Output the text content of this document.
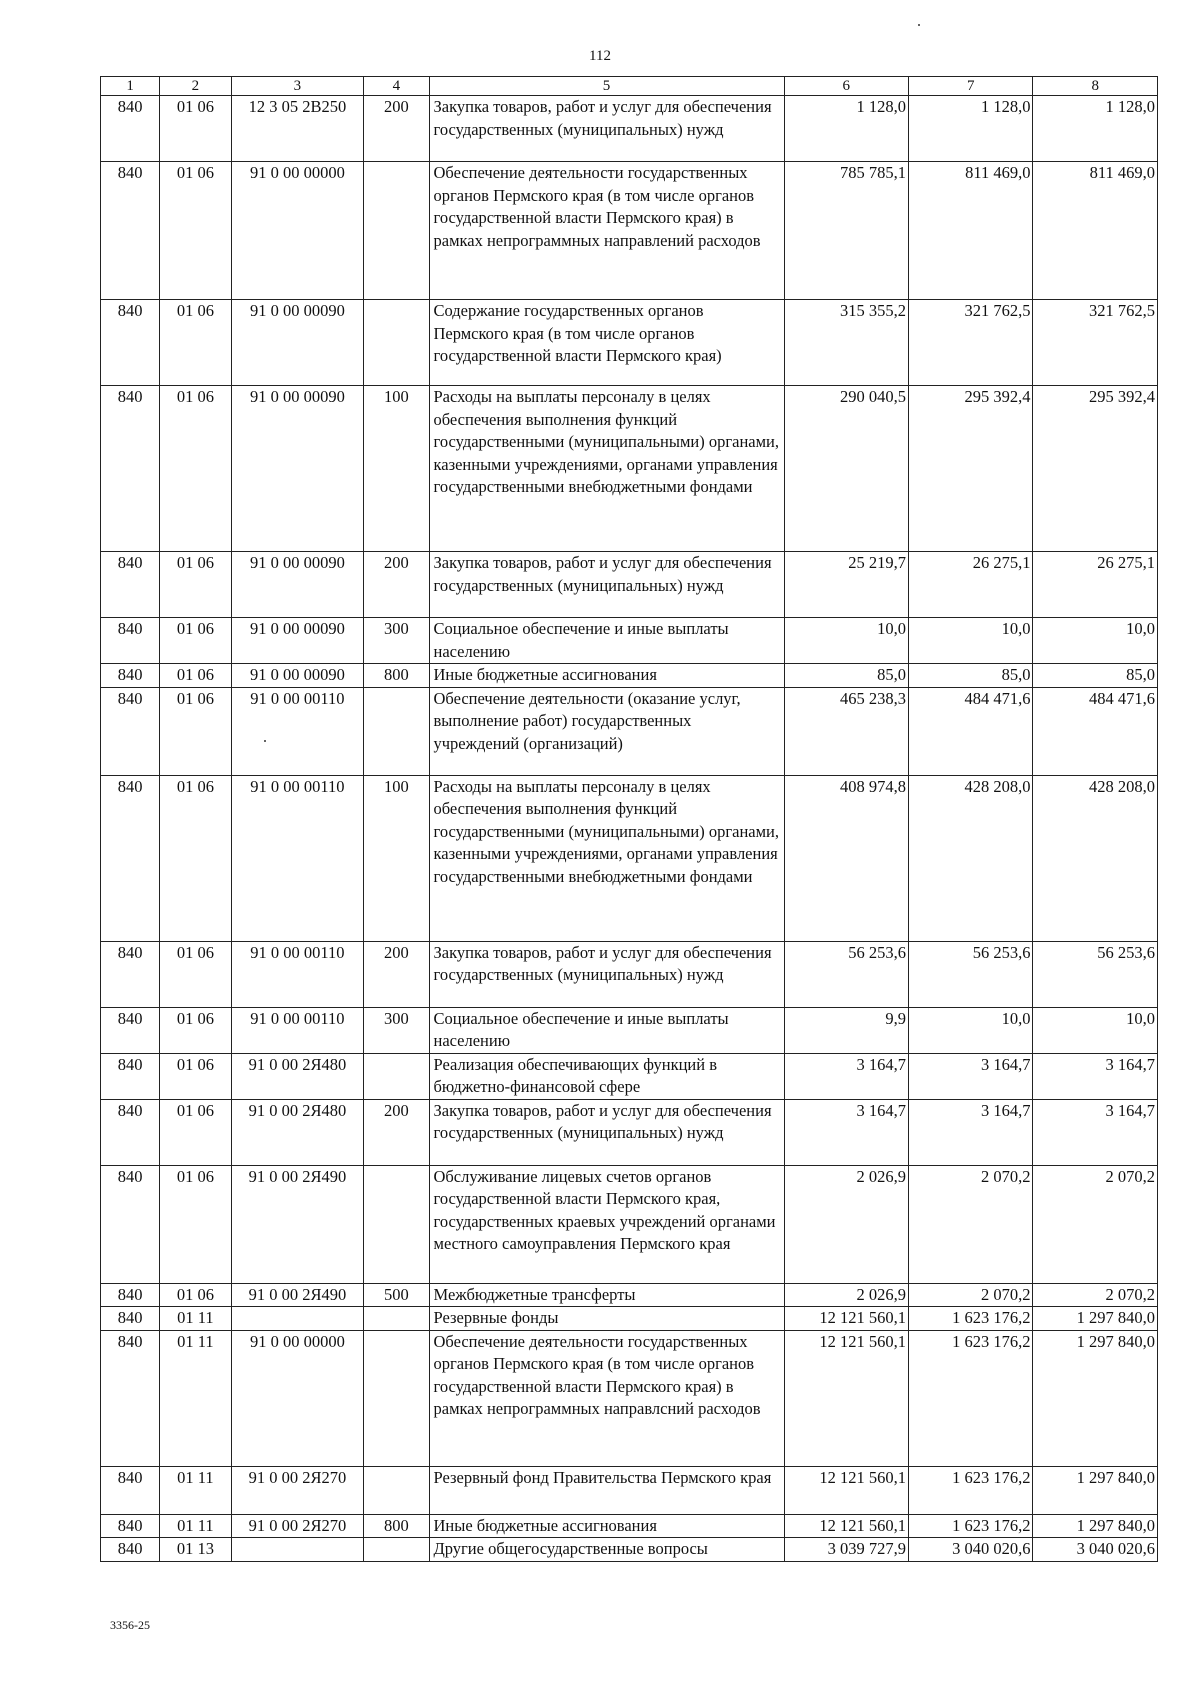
112
1	2	3	4	5	6	7	8
840	01 06	12 3 05 2B250	200	Закупка товаров, работ и услуг для обеспечения государственных (муниципальных) нужд	1 128,0	1 128,0	1 128,0
840	01 06	91 0 00 00000		Обеспечение деятельности государственных органов Пермского края (в том числе органов государственной власти Пермского края) в рамках непрограммных направлений расходов	785 785,1	811 469,0	811 469,0
840	01 06	91 0 00 00090		Содержание государственных органов Пермского края (в том числе органов государственной власти Пермского края)	315 355,2	321 762,5	321 762,5
840	01 06	91 0 00 00090	100	Расходы на выплаты персоналу в целях обеспечения выполнения функций государственными (муниципальными) органами, казенными учреждениями, органами управления государственными внебюджетными фондами	290 040,5	295 392,4	295 392,4
840	01 06	91 0 00 00090	200	Закупка товаров, работ и услуг для обеспечения государственных (муниципальных) нужд	25 219,7	26 275,1	26 275,1
840	01 06	91 0 00 00090	300	Социальное обеспечение и иные выплаты населению	10,0	10,0	10,0
840	01 06	91 0 00 00090	800	Иные бюджетные ассигнования	85,0	85,0	85,0
840	01 06	91 0 00 00110		Обеспечение деятельности (оказание услуг, выполнение работ) государственных учреждений (организаций)	465 238,3	484 471,6	484 471,6
840	01 06	91 0 00 00110	100	Расходы на выплаты персоналу в целях обеспечения выполнения функций государственными (муниципальными) органами, казенными учреждениями, органами управления государственными внебюджетными фондами	408 974,8	428 208,0	428 208,0
840	01 06	91 0 00 00110	200	Закупка товаров, работ и услуг для обеспечения государственных (муниципальных) нужд	56 253,6	56 253,6	56 253,6
840	01 06	91 0 00 00110	300	Социальное обеспечение и иные выплаты населению	9,9	10,0	10,0
840	01 06	91 0 00 2Я480		Реализация обеспечивающих функций в бюджетно-финансовой сфере	3 164,7	3 164,7	3 164,7
840	01 06	91 0 00 2Я480	200	Закупка товаров, работ и услуг для обеспечения государственных (муниципальных) нужд	3 164,7	3 164,7	3 164,7
840	01 06	91 0 00 2Я490		Обслуживание лицевых счетов органов государственной власти Пермского края, государственных краевых учреждений органами местного самоуправления Пермского края	2 026,9	2 070,2	2 070,2
840	01 06	91 0 00 2Я490	500	Межбюджетные трансферты	2 026,9	2 070,2	2 070,2
840	01 11			Резервные фонды	12 121 560,1	1 623 176,2	1 297 840,0
840	01 11	91 0 00 00000		Обеспечение деятельности государственных органов Пермского края (в том числе органов государственной власти Пермского края) в рамках непрограммных направлсний расходов	12 121 560,1	1 623 176,2	1 297 840,0
840	01 11	91 0 00 2Я270		Резервный фонд Правительства Пермского края	12 121 560,1	1 623 176,2	1 297 840,0
840	01 11	91 0 00 2Я270	800	Иные бюджетные ассигнования	12 121 560,1	1 623 176,2	1 297 840,0
840	01 13			Другие общегосударственные вопросы	3 039 727,9	3 040 020,6	3 040 020,6
3356-25
